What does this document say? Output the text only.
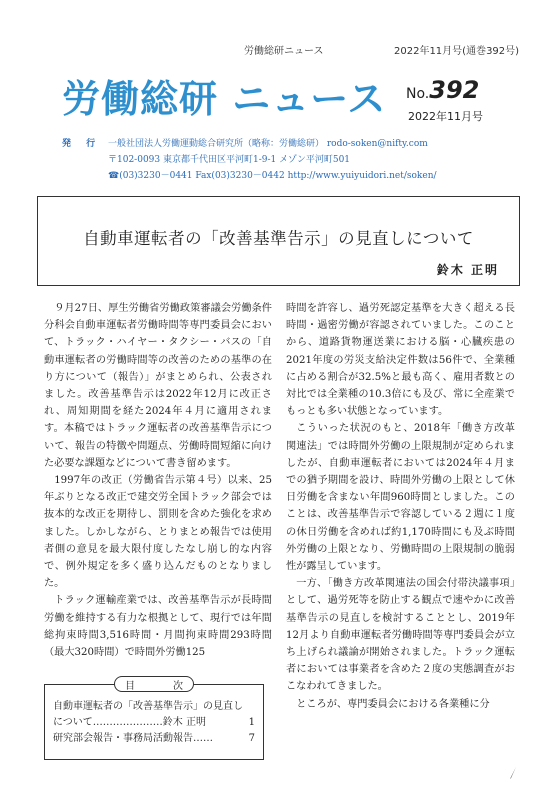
労働総研ニュース	2022年11月号(通巻392号)
労働総研 ニュース No.392
2022年11月号
発 行 一般社団法人労働運動総合研究所（略称：労働総研） rodo-soken@nifty.com
〒102-0093 東京都千代田区平河町1-9-1 メゾン平河町501
☎(03)3230－0441 Fax(03)3230－0442 http://www.yuiyuidori.net/soken/
自動車運転者の「改善基準告示」の見直しについて
鈴木 正明

９月27日、厚生労働省労働政策審議会労働条件分科会自動車運転者労働時間等専門委員会において、トラック・ハイヤー・タクシー・バスの「自動車運転者の労働時間等の改善のための基準の在り方について（報告）」がまとめられ、公表されました。改善基準告示は2022年12月に改正され、周知期間を経た2024年４月に適用されます。本稿ではトラック運転者の改善基準告示について、報告の特徴や問題点、労働時間短縮に向けた必要な課題などについて書き留めます。

1997年の改正（労働省告示第４号）以来、25年ぶりとなる改正で建交労全国トラック部会では抜本的な改正を期待し、罰則を含めた強化を求めました。しかしながら、とりまとめ報告では使用者側の意見を最大限付度したなし崩し的な内容で、例外規定を多く盛り込んだものとなりました。

トラック運輸産業では、改善基準告示が長時間労働を維持する有力な根拠として、現行では年間総拘束時間3,516時間・月間拘束時間293時間（最大320時間）で時間外労働125

時間を許容し、過労死認定基準を大きく超える長時間・過密労働が容認されていました。このことから、道路貨物運送業における脳・心臓疾患の2021年度の労災支給決定件数は56件で、全業種に占める割合が32.5%と最も高く、雇用者数との対比では全業種の10.3倍にも及び、常に全産業でもっとも多い状態となっています。

こういった状況のもと、2018年「働き方改革関連法」では時間外労働の上限規制が定められましたが、自動車運転者においては2024年４月までの猶予期間を設け、時間外労働の上限として休日労働を含まない年間960時間としました。このことは、改善基準告示で容認している２週に１度の休日労働を含めれば約1,170時間にも及ぶ時間外労働の上限となり、労働時間の上限規制の脆弱性が露呈しています。

一方、「働き方改革関連法の国会付帯決議事項」として、過労死等を防止する観点で速やかに改善基準告示の見直しを検討することとし、2019年12月より自動車運転者労働時間等専門委員会が立ち上げられ議論が開始されました。トラック運転者においては事業者を含めた２度の実態調査がおこなわれてきました。

ところが、専門委員会における各業種に分

目	次
自動車運転者の「改善基準告示」の見直し
について…………………鈴木 正明	1
研究部会報告・事務局活動報告……	7
